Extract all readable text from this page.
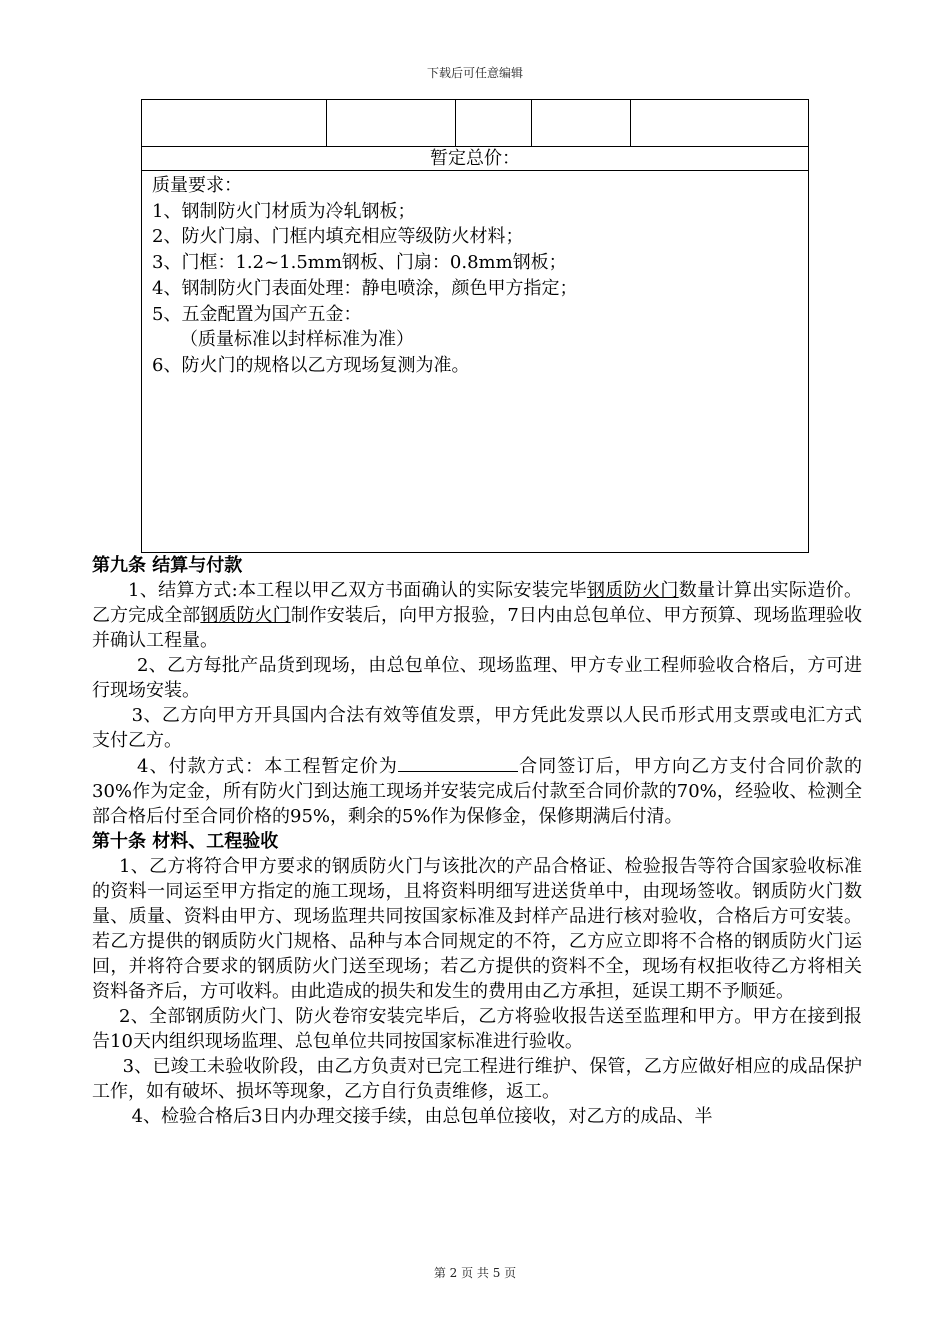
下载后可任意编辑

暂定总价：

质量要求：
1、钢制防火门材质为冷轧钢板；
2、防火门扇、门框内填充相应等级防火材料；
3、门框：1.2~1.5mm钢板、门扇：0.8mm钢板；
4、钢制防火门表面处理：静电喷涂，颜色甲方指定；
5、五金配置为国产五金：
（质量标准以封样标准为准）
6、防火门的规格以乙方现场复测为准。

第九条 结算与付款

1、结算方式:本工程以甲乙双方书面确认的实际安装完毕钢质防火门数量计算出实际造价。乙方完成全部钢质防火门制作安装后，向甲方报验，7日内由总包单位、甲方预算、现场监理验收并确认工程量。

2、乙方每批产品货到现场，由总包单位、现场监理、甲方专业工程师验收合格后，方可进行现场安装。

3、乙方向甲方开具国内合法有效等值发票，甲方凭此发票以人民币形式用支票或电汇方式支付乙方。

4、付款方式：本工程暂定价为	合同签订后，甲方向乙方支付合同价款的30%作为定金，所有防火门到达施工现场并安装完成后付款至合同价款的70%，经验收、检测全部合格后付至合同价格的95%，剩余的5%作为保修金，保修期满后付清。

第十条 材料、工程验收

1、乙方将符合甲方要求的钢质防火门与该批次的产品合格证、检验报告等符合国家验收标准的资料一同运至甲方指定的施工现场，且将资料明细写进送货单中，由现场签收。钢质防火门数量、质量、资料由甲方、现场监理共同按国家标准及封样产品进行核对验收，合格后方可安装。若乙方提供的钢质防火门规格、品种与本合同规定的不符，乙方应立即将不合格的钢质防火门运回，并将符合要求的钢质防火门送至现场；若乙方提供的资料不全，现场有权拒收待乙方将相关资料备齐后，方可收料。由此造成的损失和发生的费用由乙方承担，延误工期不予顺延。

2、全部钢质防火门、防火卷帘安装完毕后，乙方将验收报告送至监理和甲方。甲方在接到报告10天内组织现场监理、总包单位共同按国家标准进行验收。

3、已竣工未验收阶段，由乙方负责对已完工程进行维护、保管，乙方应做好相应的成品保护工作，如有破坏、损坏等现象，乙方自行负责维修，返工。

4、检验合格后3日内办理交接手续，由总包单位接收，对乙方的成品、半

第 2 页 共 5 页
